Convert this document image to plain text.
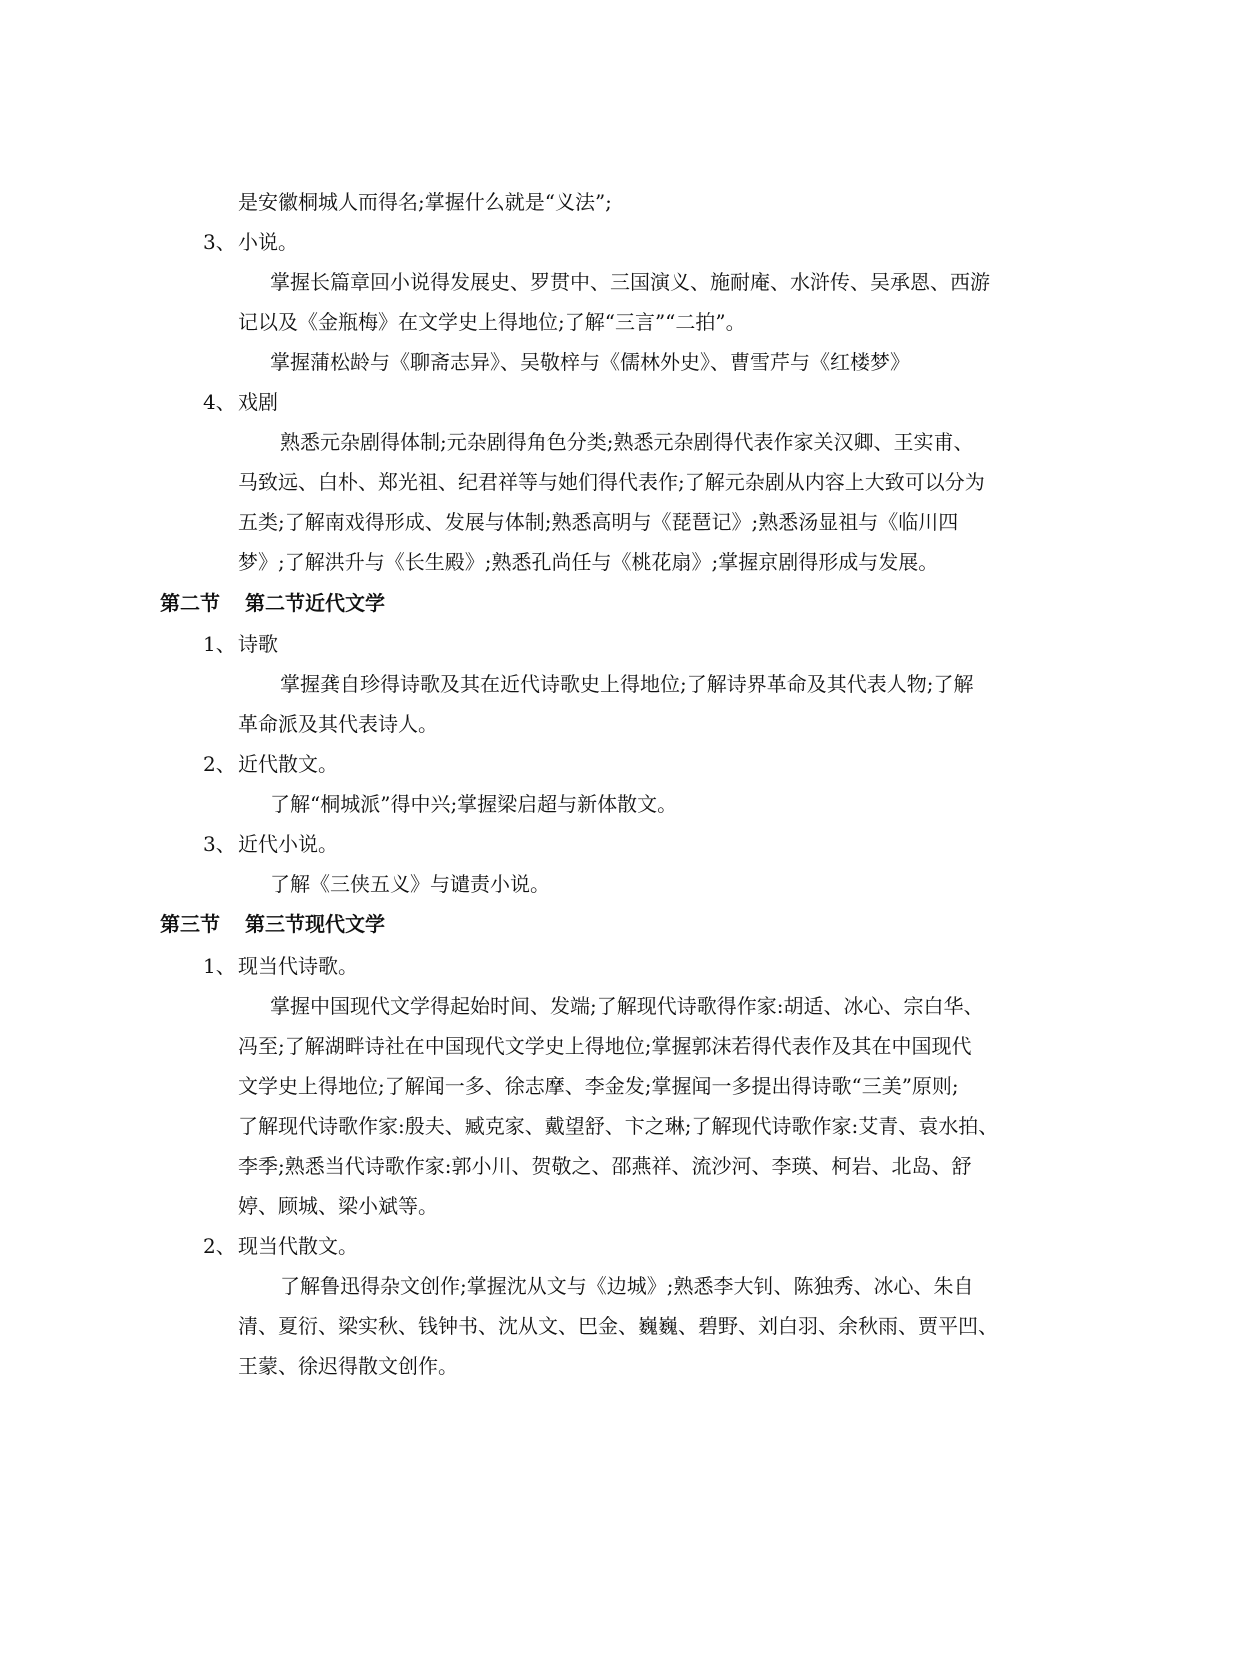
是安徽桐城人而得名;掌握什么就是“义法”;
3、 小说。
掌握长篇章回小说得发展史、罗贯中、三国演义、施耐庵、水浒传、吴承恩、西游
记以及《金瓶梅》在文学史上得地位;了解“三言”“二拍”。
掌握蒲松龄与《聊斋志异》、吴敬梓与《儒林外史》、曹雪芹与《红楼梦》
4、 戏剧
熟悉元杂剧得体制;元杂剧得角色分类;熟悉元杂剧得代表作家关汉卿、王实甫、
马致远、白朴、郑光祖、纪君祥等与她们得代表作;了解元杂剧从内容上大致可以分为
五类;了解南戏得形成、发展与体制;熟悉高明与《琵琶记》;熟悉汤显祖与《临川四
梦》;了解洪升与《长生殿》;熟悉孔尚任与《桃花扇》;掌握京剧得形成与发展。
第二节 第二节近代文学
1、 诗歌
掌握龚自珍得诗歌及其在近代诗歌史上得地位;了解诗界革命及其代表人物;了解
革命派及其代表诗人。
2、 近代散文。
了解“桐城派”得中兴;掌握梁启超与新体散文。
3、 近代小说。
了解《三侠五义》与谴责小说。
第三节 第三节现代文学
1、 现当代诗歌。
掌握中国现代文学得起始时间、发端;了解现代诗歌得作家:胡适、冰心、宗白华、
冯至;了解湖畔诗社在中国现代文学史上得地位;掌握郭沫若得代表作及其在中国现代
文学史上得地位;了解闻一多、徐志摩、李金发;掌握闻一多提出得诗歌“三美”原则;
了解现代诗歌作家:殷夫、臧克家、戴望舒、卞之琳;了解现代诗歌作家:艾青、袁水拍、
李季;熟悉当代诗歌作家:郭小川、贺敬之、邵燕祥、流沙河、李瑛、柯岩、北岛、舒
婷、顾城、梁小斌等。
2、 现当代散文。
了解鲁迅得杂文创作;掌握沈从文与《边城》;熟悉李大钊、陈独秀、冰心、朱自
清、夏衍、梁实秋、钱钟书、沈从文、巴金、巍巍、碧野、刘白羽、余秋雨、贾平凹、
王蒙、徐迟得散文创作。
